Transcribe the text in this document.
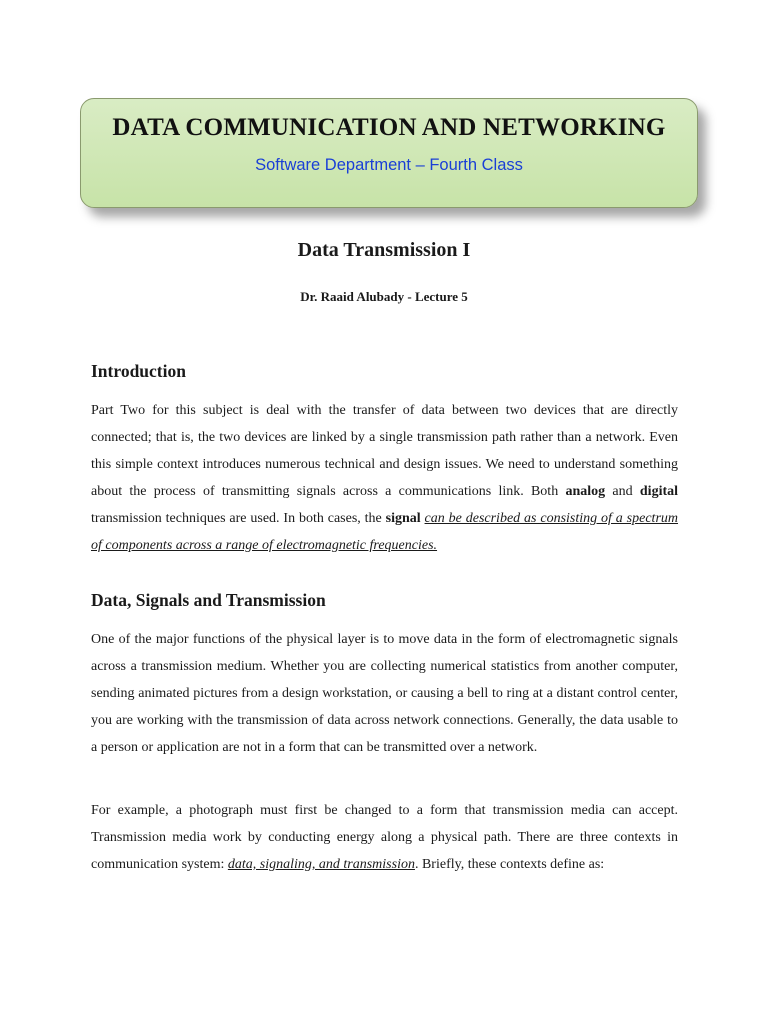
DATA COMMUNICATION AND NETWORKING
Software Department – Fourth Class
Data Transmission I
Dr. Raaid Alubady - Lecture 5
Introduction
Part Two for this subject is deal with the transfer of data between two devices that are directly connected; that is, the two devices are linked by a single transmission path rather than a network. Even this simple context introduces numerous technical and design issues. We need to understand something about the process of transmitting signals across a communications link. Both analog and digital transmission techniques are used. In both cases, the signal can be described as consisting of a spectrum of components across a range of electromagnetic frequencies.
Data, Signals and Transmission
One of the major functions of the physical layer is to move data in the form of electromagnetic signals across a transmission medium. Whether you are collecting numerical statistics from another computer, sending animated pictures from a design workstation, or causing a bell to ring at a distant control center, you are working with the transmission of data across network connections. Generally, the data usable to a person or application are not in a form that can be transmitted over a network.
For example, a photograph must first be changed to a form that transmission media can accept. Transmission media work by conducting energy along a physical path. There are three contexts in communication system: data, signaling, and transmission. Briefly, these contexts define as:
